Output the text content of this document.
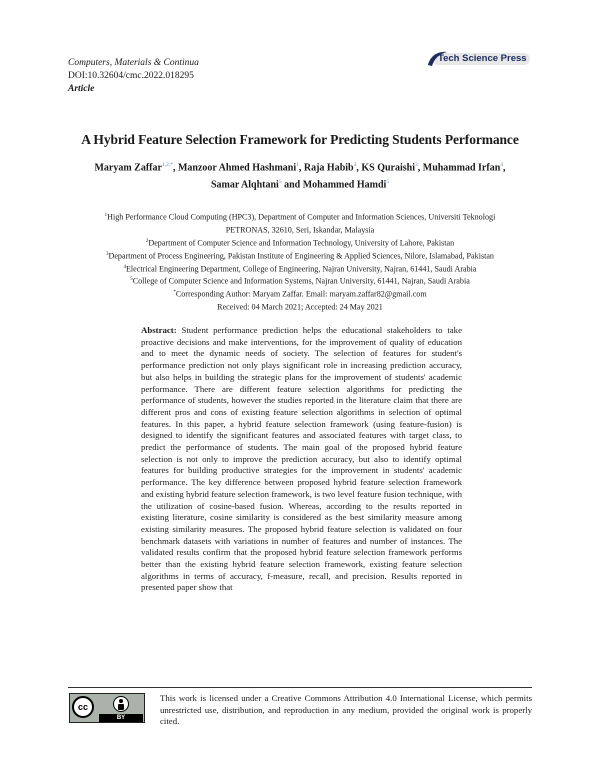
Computers, Materials & Continua
DOI:10.32604/cmc.2022.018295
Article
Tech Science Press
A Hybrid Feature Selection Framework for Predicting Students Performance
Maryam Zaffar$^{1,2,*}$, Manzoor Ahmed Hashmani$^1$, Raja Habib$^3$, KS Quraishi$^3$, Muhammad Irfan$^4$,
Samar Alqhtani$^5$ and Mohammed Hamdi$^5$
$^1$High Performance Cloud Computing (HPC3), Department of Computer and Information Sciences, Universiti Teknologi
PETRONAS, 32610, Seri, Iskandar, Malaysia
$^2$Department of Computer Science and Information Technology, University of Lahore, Pakistan
$^3$Department of Process Engineering, Pakistan Institute of Engineering & Applied Sciences, Nilore, Islamabad, Pakistan
$^4$Electrical Engineering Department, College of Engineering, Najran University, Najran, 61441, Saudi Arabia
$^5$College of Computer Science and Information Systems, Najran University, 61441, Najran, Saudi Arabia
*Corresponding Author: Maryam Zaffar. Email: maryam.zaffar82@gmail.com
Received: 04 March 2021; Accepted: 24 May 2021
Abstract: Student performance prediction helps the educational stakeholders to take proactive decisions and make interventions, for the improvement of quality of education and to meet the dynamic needs of society. The selection of features for student's performance prediction not only plays significant role in increasing prediction accuracy, but also helps in building the strategic plans for the improvement of students' academic performance. There are different feature selection algorithms for predicting the performance of students, however the studies reported in the literature claim that there are different pros and cons of existing feature selection algorithms in selection of optimal features. In this paper, a hybrid feature selection framework (using feature-fusion) is designed to identify the significant features and associated features with target class, to predict the performance of students. The main goal of the proposed hybrid feature selection is not only to improve the prediction accuracy, but also to identify optimal features for building productive strategies for the improvement in students' academic performance. The key difference between proposed hybrid feature selection framework and existing hybrid feature selection framework, is two level feature fusion technique, with the utilization of cosine-based fusion. Whereas, according to the results reported in existing literature, cosine similarity is considered as the best similarity measure among existing similarity measures. The proposed hybrid feature selection is validated on four benchmark datasets with variations in number of features and number of instances. The validated results confirm that the proposed hybrid feature selection framework performs better than the existing hybrid feature selection framework, existing feature selection algorithms in terms of accuracy, f-measure, recall, and precision. Results reported in presented paper show that
cc
BY
This work is licensed under a Creative Commons Attribution 4.0 International License, which permits unrestricted use, distribution, and reproduction in any medium, provided the original work is properly cited.
